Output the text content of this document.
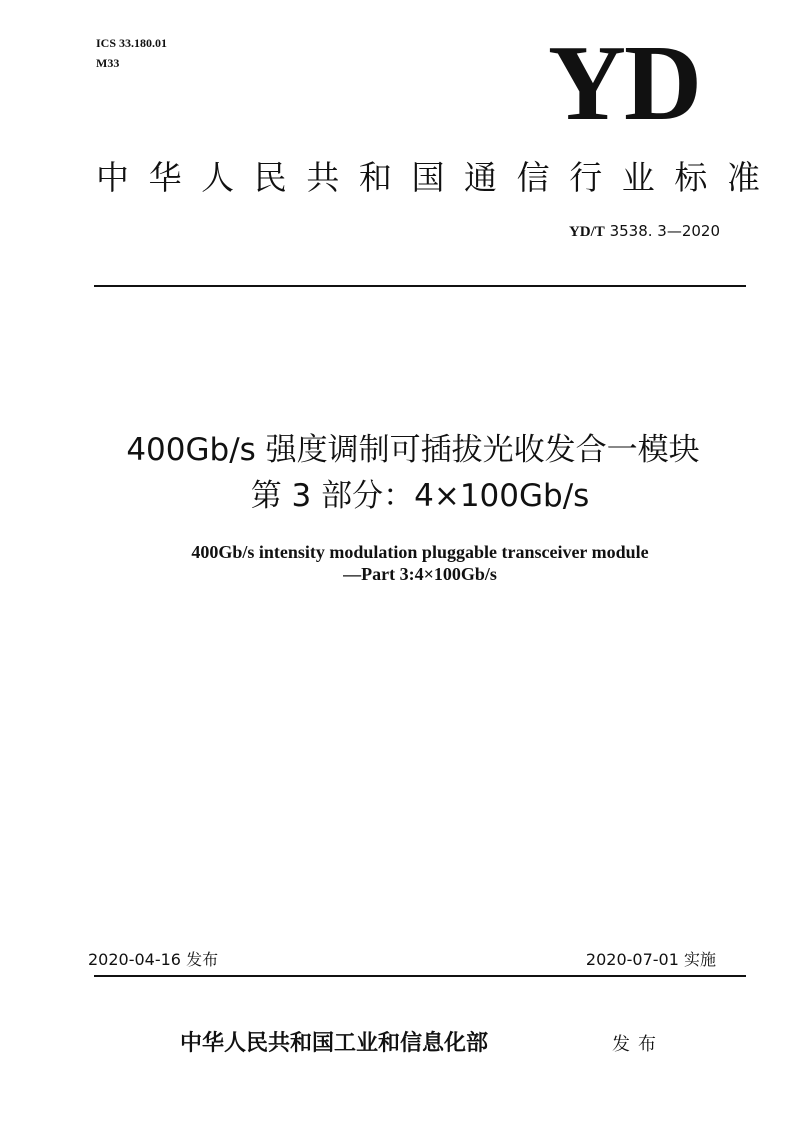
ICS 33.180.01
M33	YD
中 华 人 民 共 和 国 通 信 行 业 标 准
YD/T 3538. 3—2020
400Gb/s 强度调制可插拔光收发合一模块
第 3 部分：4×100Gb/s
400Gb/s intensity modulation pluggable transceiver module
—Part 3:4×100Gb/s
2020-04-16 发布	2020-07-01 实施
中华人民共和国工业和信息化部	发布
